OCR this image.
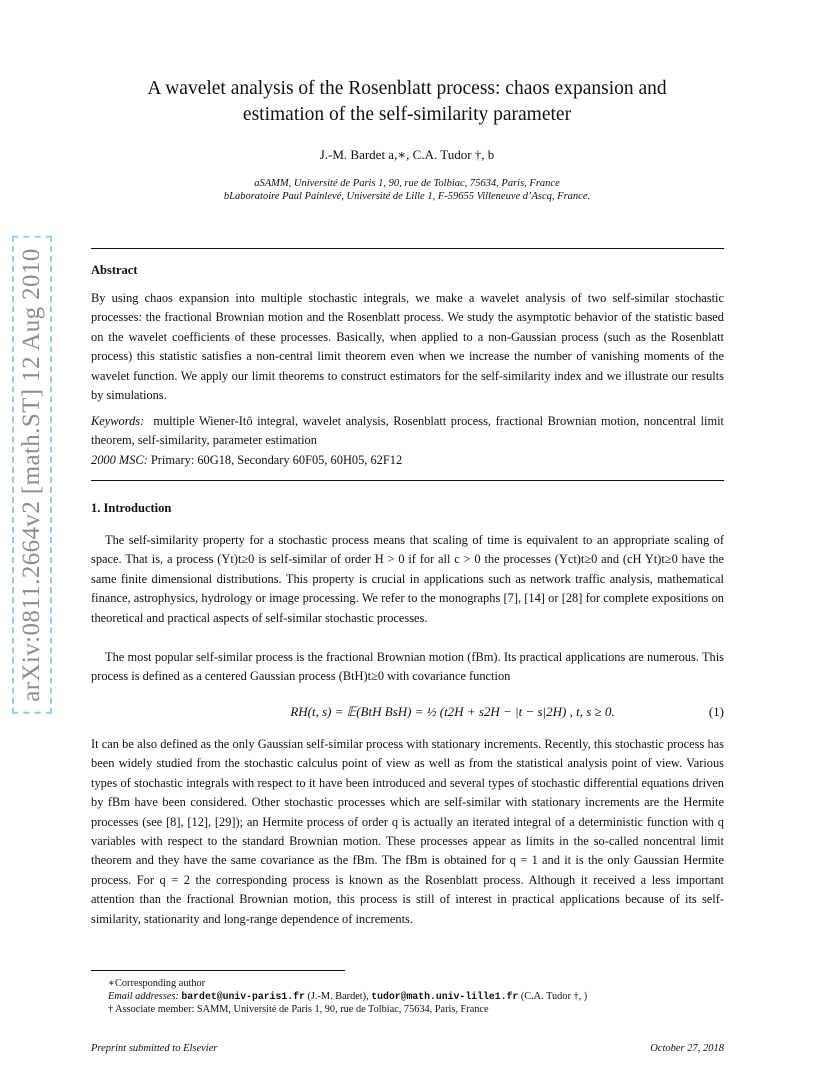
arXiv:0811.2664v2 [math.ST] 12 Aug 2010
A wavelet analysis of the Rosenblatt process: chaos expansion and
estimation of the self-similarity parameter
J.-M. Bardet a,∗, C.A. Tudor †, b
aSAMM, Université de Paris 1, 90, rue de Tolbiac, 75634, Paris, France
bLaboratoire Paul Painlevé, Université de Lille 1, F-59655 Villeneuve d’Ascq, France.
Abstract
By using chaos expansion into multiple stochastic integrals, we make a wavelet analysis of two self-similar stochastic processes: the fractional Brownian motion and the Rosenblatt process. We study the asymptotic behavior of the statistic based on the wavelet coefficients of these processes. Basically, when applied to a non-Gaussian process (such as the Rosenblatt process) this statistic satisfies a non-central limit theorem even when we increase the number of vanishing moments of the wavelet function. We apply our limit theorems to construct estimators for the self-similarity index and we illustrate our results by simulations.
Keywords: multiple Wiener-Itô integral, wavelet analysis, Rosenblatt process, fractional Brownian motion, noncentral limit theorem, self-similarity, parameter estimation
2000 MSC: Primary: 60G18, Secondary 60F05, 60H05, 62F12
1. Introduction
The self-similarity property for a stochastic process means that scaling of time is equivalent to an appropriate scaling of space. That is, a process (Yt)t≥0 is self-similar of order H > 0 if for all c > 0 the processes (Yct)t≥0 and (cH Yt)t≥0 have the same finite dimensional distributions. This property is crucial in applications such as network traffic analysis, mathematical finance, astrophysics, hydrology or image processing. We refer to the monographs [7], [14] or [28] for complete expositions on theoretical and practical aspects of self-similar stochastic processes.
The most popular self-similar process is the fractional Brownian motion (fBm). Its practical applications are numerous. This process is defined as a centered Gaussian process (BtH)t≥0 with covariance function
RH(t, s) = 𝔼(BtH BsH) = ½ (t2H + s2H − |t − s|2H) , t, s ≥ 0.	(1)
It can be also defined as the only Gaussian self-similar process with stationary increments. Recently, this stochastic process has been widely studied from the stochastic calculus point of view as well as from the statistical analysis point of view. Various types of stochastic integrals with respect to it have been introduced and several types of stochastic differential equations driven by fBm have been considered. Other stochastic processes which are self-similar with stationary increments are the Hermite processes (see [8], [12], [29]); an Hermite process of order q is actually an iterated integral of a deterministic function with q variables with respect to the standard Brownian motion. These processes appear as limits in the so-called noncentral limit theorem and they have the same covariance as the fBm. The fBm is obtained for q = 1 and it is the only Gaussian Hermite process. For q = 2 the corresponding process is known as the Rosenblatt process. Although it received a less important attention than the fractional Brownian motion, this process is still of interest in practical applications because of its self-similarity, stationarity and long-range dependence of increments.
∗Corresponding author
Email addresses: bardet@univ-paris1.fr (J.-M. Bardet), tudor@math.univ-lille1.fr (C.A. Tudor †, )
† Associate member: SAMM, Université de Paris 1, 90, rue de Tolbiac, 75634, Paris, France
Preprint submitted to Elsevier	October 27, 2018
